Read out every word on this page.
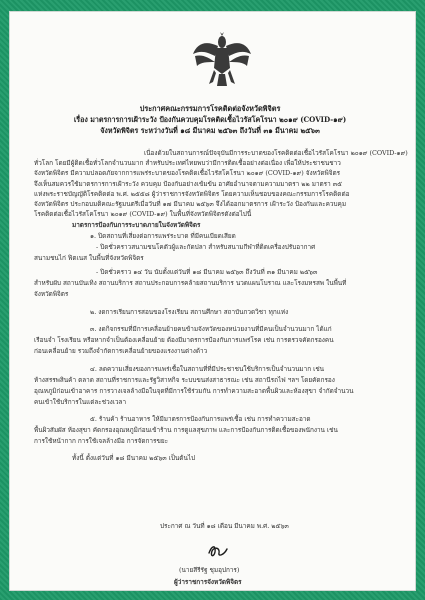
ประกาศคณะกรรมการโรคติดต่อจังหวัดพิจิตร
เรื่อง มาตรการการเฝ้าระวัง ป้องกันควบคุมโรคติดเชื้อไวรัสโคโรนา ๒๐๑๙ (COVID-๑๙)
จังหวัดพิจิตร ระหว่างวันที่ ๑๘ มีนาคม ๒๕๖๓ ถึงวันที่ ๓๑ มีนาคม ๒๕๖๓
เนื่องด้วยในสถานการณ์ปัจจุบันมีการระบาดของโรคติดต่อเชื้อไวรัสโคโรนา ๒๐๑๙ (COVID-๑๙)
ทั่วโลก โดยมีผู้ติดเชื้อทั่วโลกจำนวนมาก สำหรับประเทศไทยพบว่ามีการติดเชื้ออย่างต่อเนื่อง เพื่อให้ประชาชนชาว
จังหวัดพิจิตร มีความปลอดภัยจากการแพร่ระบาดของโรคติดเชื้อไวรัสโคโรนา ๒๐๑๙ (COVID-๑๙) จังหวัดพิจิตร
จึงเห็นสมควรใช้มาตรการการเฝ้าระวัง ควบคุม ป้องกันอย่างเข้มข้น อาศัยอำนาจตามความมาตรา ๒๒ มาตรา ๓๕
แห่งพระราชบัญญัติโรคติดต่อ พ.ศ. ๒๕๕๘ ผู้ว่าราชการจังหวัดพิจิตร โดยความเห็นชอบของคณะกรรมการโรคติดต่อ
จังหวัดพิจิตร ประกอบมติคณะรัฐมนตรีเมื่อวันที่ ๑๗ มีนาคม ๒๕๖๓ จึงได้ออกมาตรการ เฝ้าระวัง ป้องกันและควบคุม
โรคติดต่อเชื้อไวรัสโคโรนา ๒๐๑๙ (COVID-๑๙) ในพื้นที่จังหวัดพิจิตรดังต่อไปนี้
มาตรการป้องกันการระบาดภายในจังหวัดพิจิตร
๑. ปิดสถานที่เสี่ยงต่อการแพร่ระบาด ที่มีคนเบียดเสียด
- ปิดชั่วคราวสนามชนโคตัวผู้และกัดปลา สำหรับสนามกีฬาที่ติดเครื่องปรับอากาศ
สนามชนไก่ ฟิตเนส ในพื้นที่จังหวัดพิจิตร
- ปิดชั่วคราว ๑๔ วัน นับตั้งแต่วันที่ ๑๘ มีนาคม ๒๕๖๓ ถึงวันที่ ๓๑ มีนาคม ๒๕๖๓
สำหรับผับ สถานบันเทิง สถานบริการ สถานประกอบการคล้ายสถานบริการ นวดแผนโบราณ และโรงมหรสพ ในพื้นที่
จังหวัดพิจิตร
๒. งดการเรียนการสอนของโรงเรียน สถานศึกษา สถาบันกวดวิชา ทุกแห่ง
๓. งดกิจกรรมที่มีการเคลื่อนย้ายคนข้ามจังหวัดของหน่วยงานที่มีคนเป็นจำนวนมาก ได้แก่
เรือนจำ โรงเรียน หรือหากจำเป็นต้องเคลื่อนย้าย ต้องมีมาตรการป้องกันการแพร่โรค เช่น การตรวจคัดกรองคน
ก่อนเคลื่อนย้าย รวมถึงจำกัดการเคลื่อนย้ายของแรงงานต่างด้าว
๔. ลดความเสี่ยงของการแพร่เชื้อในสถานที่ที่มีประชาชนใช้บริการเป็นจำนวนมาก เช่น
ห้างสรรพสินค้า ตลาด สถานที่ราชการและรัฐวิสาหกิจ ระบบขนส่งสาธารณะ เช่น สถานีรถไฟ ฯลฯ โดยคัดกรอง
อุณหภูมิก่อนเข้าอาคาร การวางเจลล้างมือในจุดที่มีการใช้ร่วมกัน การทำความสะอาดพื้นผิวและห้องสุขา จำกัดจำนวน
คนเข้าใช้บริการในแต่ละช่วงเวลา
๕. ร้านค้า ร้านอาหาร ให้มีมาตรการป้องกันการแพร่เชื้อ เช่น การทำความสะอาด
พื้นผิวสัมผัส ห้องสุขา คัดกรองอุณหภูมิก่อนเข้าร้าน การดูแลสุขภาพ และการป้องกันการติดเชื้อของพนักงาน เช่น
การใช้หน้ากาก การใช้เจลล้างมือ การจัดการขยะ
ทั้งนี้ ตั้งแต่วันที่ ๑๘ มีนาคม ๒๕๖๓ เป็นต้นไป
ประกาศ ณ วันที่ ๑๘ เดือน มีนาคม พ.ศ. ๒๕๖๓
(นายสีรีรัฐ ชุมอุปการ)
ผู้ว่าราชการจังหวัดพิจิตร
